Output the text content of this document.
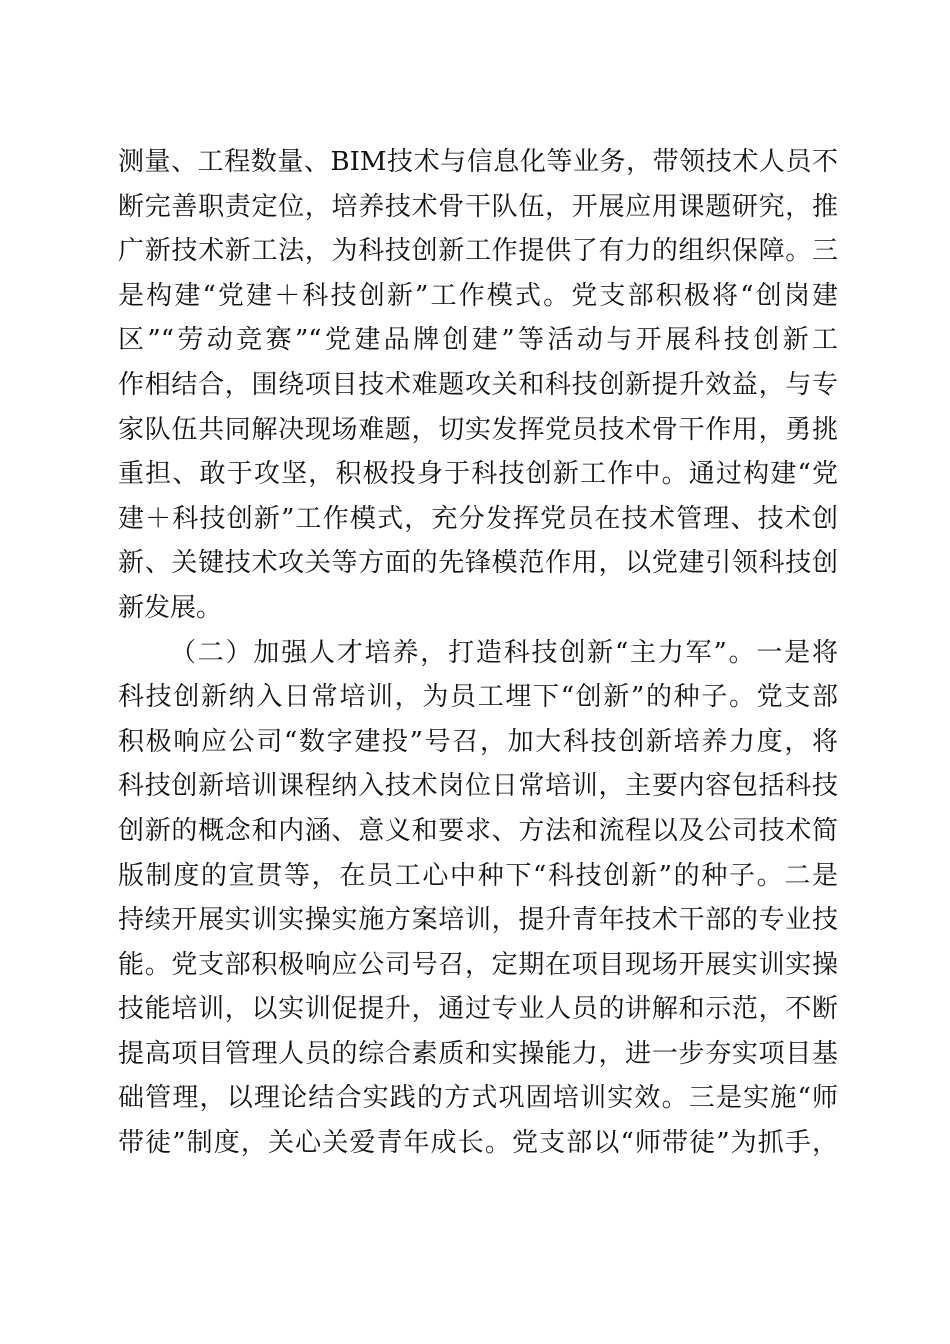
测量、工程数量、BIM技术与信息化等业务，带领技术人员不
断完善职责定位，培养技术骨干队伍，开展应用课题研究，推
广新技术新工法，为科技创新工作提供了有力的组织保障。三
是构建“党建＋科技创新”工作模式。党支部积极将“创岗建
区”“劳动竞赛”“党建品牌创建”等活动与开展科技创新工
作相结合，围绕项目技术难题攻关和科技创新提升效益，与专
家队伍共同解决现场难题，切实发挥党员技术骨干作用，勇挑
重担、敢于攻坚，积极投身于科技创新工作中。通过构建“党
建＋科技创新”工作模式，充分发挥党员在技术管理、技术创
新、关键技术攻关等方面的先锋模范作用，以党建引领科技创
新发展。
（二）加强人才培养，打造科技创新“主力军”。一是将
科技创新纳入日常培训，为员工埋下“创新”的种子。党支部
积极响应公司“数字建投”号召，加大科技创新培养力度，将
科技创新培训课程纳入技术岗位日常培训，主要内容包括科技
创新的概念和内涵、意义和要求、方法和流程以及公司技术简
版制度的宣贯等，在员工心中种下“科技创新”的种子。二是
持续开展实训实操实施方案培训，提升青年技术干部的专业技
能。党支部积极响应公司号召，定期在项目现场开展实训实操
技能培训，以实训促提升，通过专业人员的讲解和示范，不断
提高项目管理人员的综合素质和实操能力，进一步夯实项目基
础管理，以理论结合实践的方式巩固培训实效。三是实施“师
带徒”制度，关心关爱青年成长。党支部以“师带徒”为抓手，
